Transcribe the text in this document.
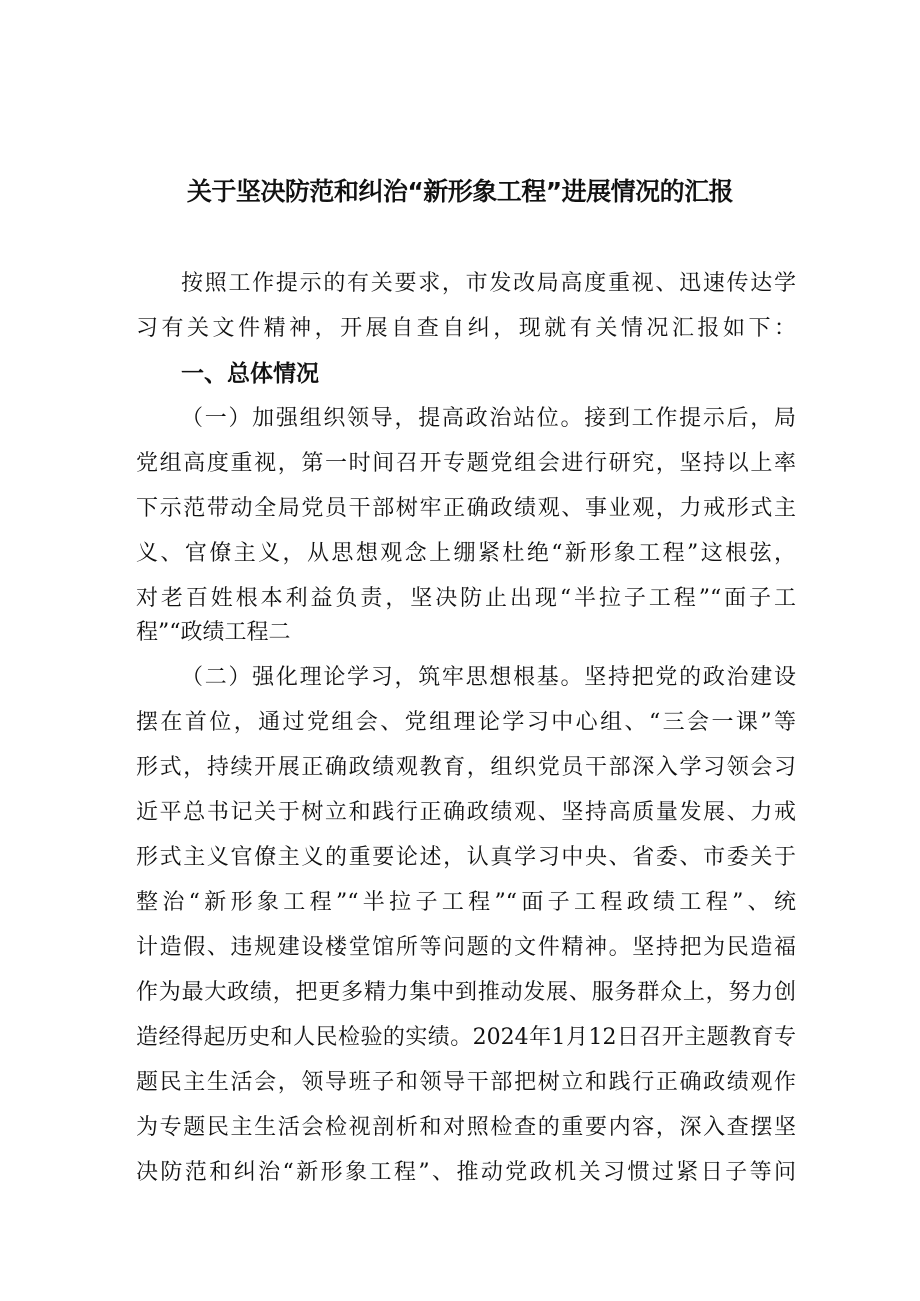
关于坚决防范和纠治“新形象工程”进展情况的汇报

按照工作提示的有关要求，市发改局高度重视、迅速传达学

习有关文件精神，开展自查自纠，现就有关情况汇报如下：

一、总体情况

（一）加强组织领导，提高政治站位。接到工作提示后，局

党组高度重视，第一时间召开专题党组会进行研究，坚持以上率

下示范带动全局党员干部树牢正确政绩观、事业观，力戒形式主

义、官僚主义，从思想观念上绷紧杜绝“新形象工程”这根弦，

对老百姓根本利益负责，坚决防止出现“半拉子工程”“面子工

程”“政绩工程二

（二）强化理论学习，筑牢思想根基。坚持把党的政治建设

摆在首位，通过党组会、党组理论学习中心组、“三会一课”等

形式，持续开展正确政绩观教育，组织党员干部深入学习领会习

近平总书记关于树立和践行正确政绩观、坚持高质量发展、力戒

形式主义官僚主义的重要论述，认真学习中央、省委、市委关于

整治“新形象工程”“半拉子工程”“面子工程政绩工程”、统

计造假、违规建设楼堂馆所等问题的文件精神。坚持把为民造福

作为最大政绩，把更多精力集中到推动发展、服务群众上，努力创

造经得起历史和人民检验的实绩。2024年1月12日召开主题教育专

题民主生活会，领导班子和领导干部把树立和践行正确政绩观作

为专题民主生活会检视剖析和对照检查的重要内容，深入查摆坚

决防范和纠治“新形象工程”、推动党政机关习惯过紧日子等问
